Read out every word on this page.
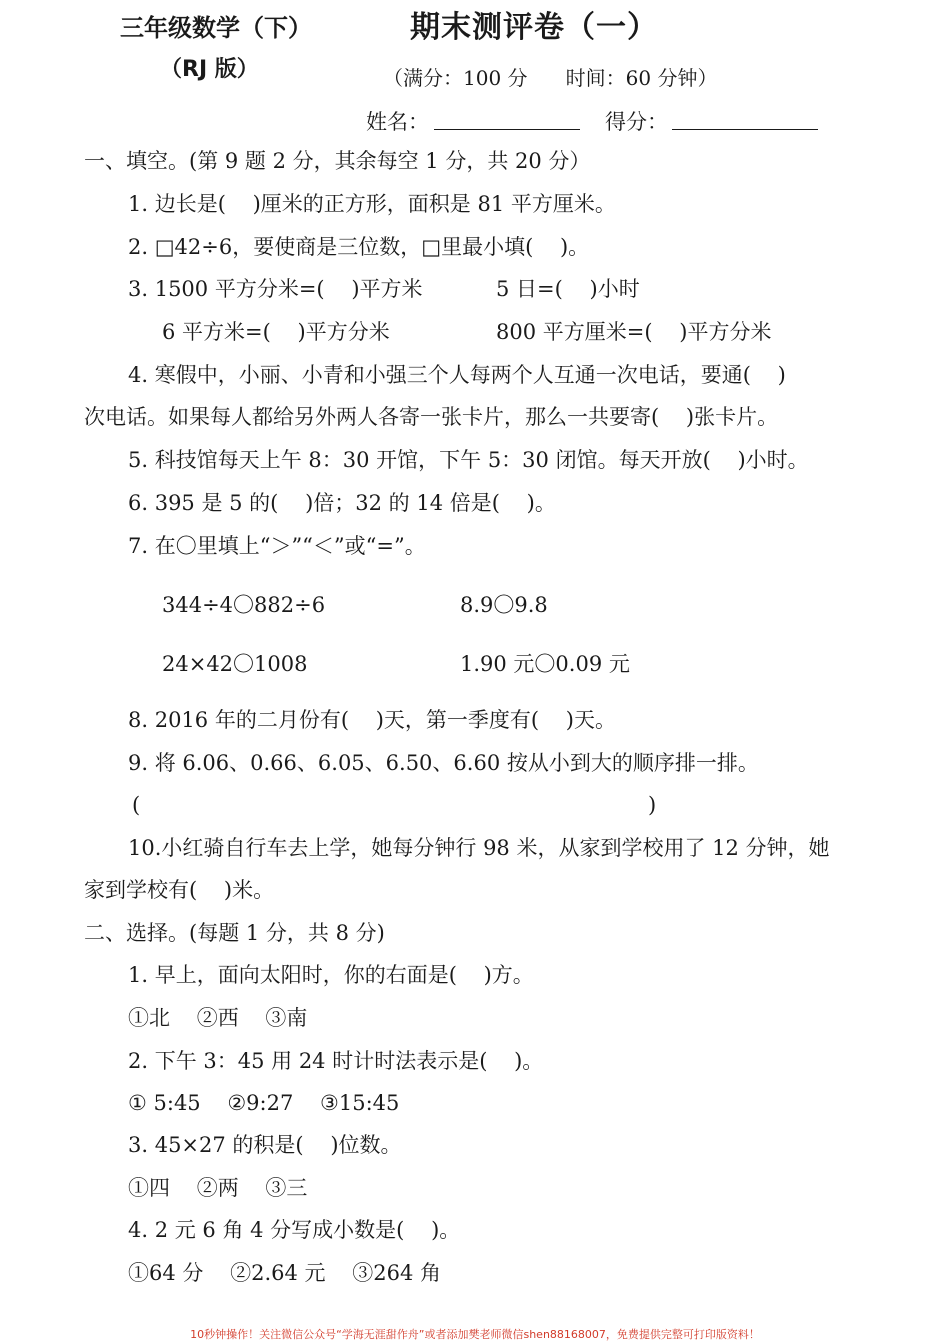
三年级数学（下）
（RJ 版）
期末测评卷（一）
（满分：100 分      时间：60 分钟）
姓名：	得分：
一、填空。(第 9 题 2 分，其余每空 1 分，共 20 分）
1. 边长是(    )厘米的正方形，面积是 81 平方厘米。
2. □42÷6，要使商是三位数，□里最小填(    )。
3. 1500 平方分米=(    )平方米	5 日=(    )小时
6 平方米=(    )平方分米	800 平方厘米=(    )平方分米
4. 寒假中，小丽、小青和小强三个人每两个人互通一次电话，要通(    )
次电话。如果每人都给另外两人各寄一张卡片，那么一共要寄(    )张卡片。
5. 科技馆每天上午 8：30 开馆，下午 5：30 闭馆。每天开放(    )小时。
6. 395 是 5 的(    )倍；32 的 14 倍是(    )。
7. 在〇里填上“＞”“＜”或“=”。
344÷4〇882÷6	8.9〇9.8
24×42〇1008	1.90 元〇0.09 元
8. 2016 年的二月份有(    )天，第一季度有(    )天。
9. 将 6.06、0.66、6.05、6.50、6.60 按从小到大的顺序排一排。
(	)
10.小红骑自行车去上学，她每分钟行 98 米，从家到学校用了 12 分钟，她
家到学校有(    )米。
二、选择。(每题 1 分，共 8 分)
1. 早上，面向太阳时，你的右面是(    )方。
①北    ②西    ③南
2. 下午 3：45 用 24 时计时法表示是(    )。
① 5:45    ②9:27    ③15:45
3. 45×27 的积是(    )位数。
①四    ②两    ③三
4. 2 元 6 角 4 分写成小数是(    )。
①64 分    ②2.64 元    ③264 角
10秒钟操作！关注微信公众号“学海无涯甜作舟”或者添加樊老师微信shen88168007，免费提供完整可打印版资料！
